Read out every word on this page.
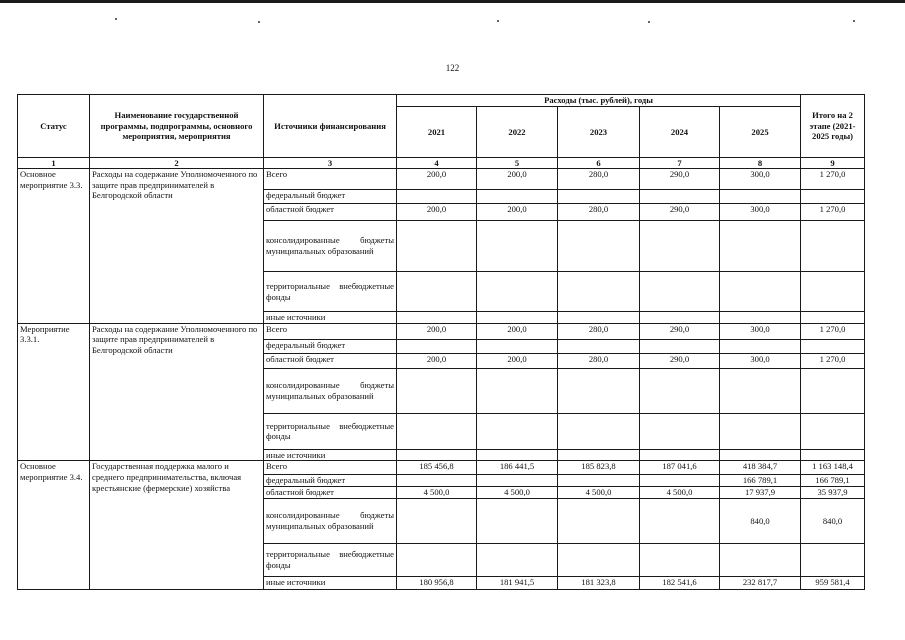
122
Статус	Наименование государственной программы, подпрограммы, основного мероприятия, мероприятия	Источники финансирования	Расходы (тыс. рублей), годы					Итого на 2 этапе (2021-2025 годы)
			2021	2022	2023	2024	2025	
1	2	3	4	5	6	7	8	9
Основное мероприятие 3.3.	Расходы на содержание Уполномоченного по защите прав предпринимателей в Белгородской области	Всего	200,0	200,0	280,0	290,0	300,0	1 270,0
		федеральный бюджет						
		областной бюджет	200,0	200,0	280,0	290,0	300,0	1 270,0
		консолидированные бюджеты муниципальных образований						
		территориальные внебюджетные фонды						
		иные источники						
Мероприятие 3.3.1.	Расходы на содержание Уполномоченного по защите прав предпринимателей в Белгородской области	Всего	200,0	200,0	280,0	290,0	300,0	1 270,0
		федеральный бюджет						
		областной бюджет	200,0	200,0	280,0	290,0	300,0	1 270,0
		консолидированные бюджеты муниципальных образований						
		территориальные внебюджетные фонды						
		иные источники						
Основное мероприятие 3.4.	Государственная поддержка малого и среднего предпринимательства, включая крестьянские (фермерские) хозяйства	Всего	185 456,8	186 441,5	185 823,8	187 041,6	418 384,7	1 163 148,4
		федеральный бюджет					166 789,1	166 789,1
		областной бюджет	4 500,0	4 500,0	4 500,0	4 500,0	17 937,9	35 937,9
		консолидированные бюджеты муниципальных образований					840,0	840,0
		территориальные внебюджетные фонды						
		иные источники	180 956,8	181 941,5	181 323,8	182 541,6	232 817,7	959 581,4
